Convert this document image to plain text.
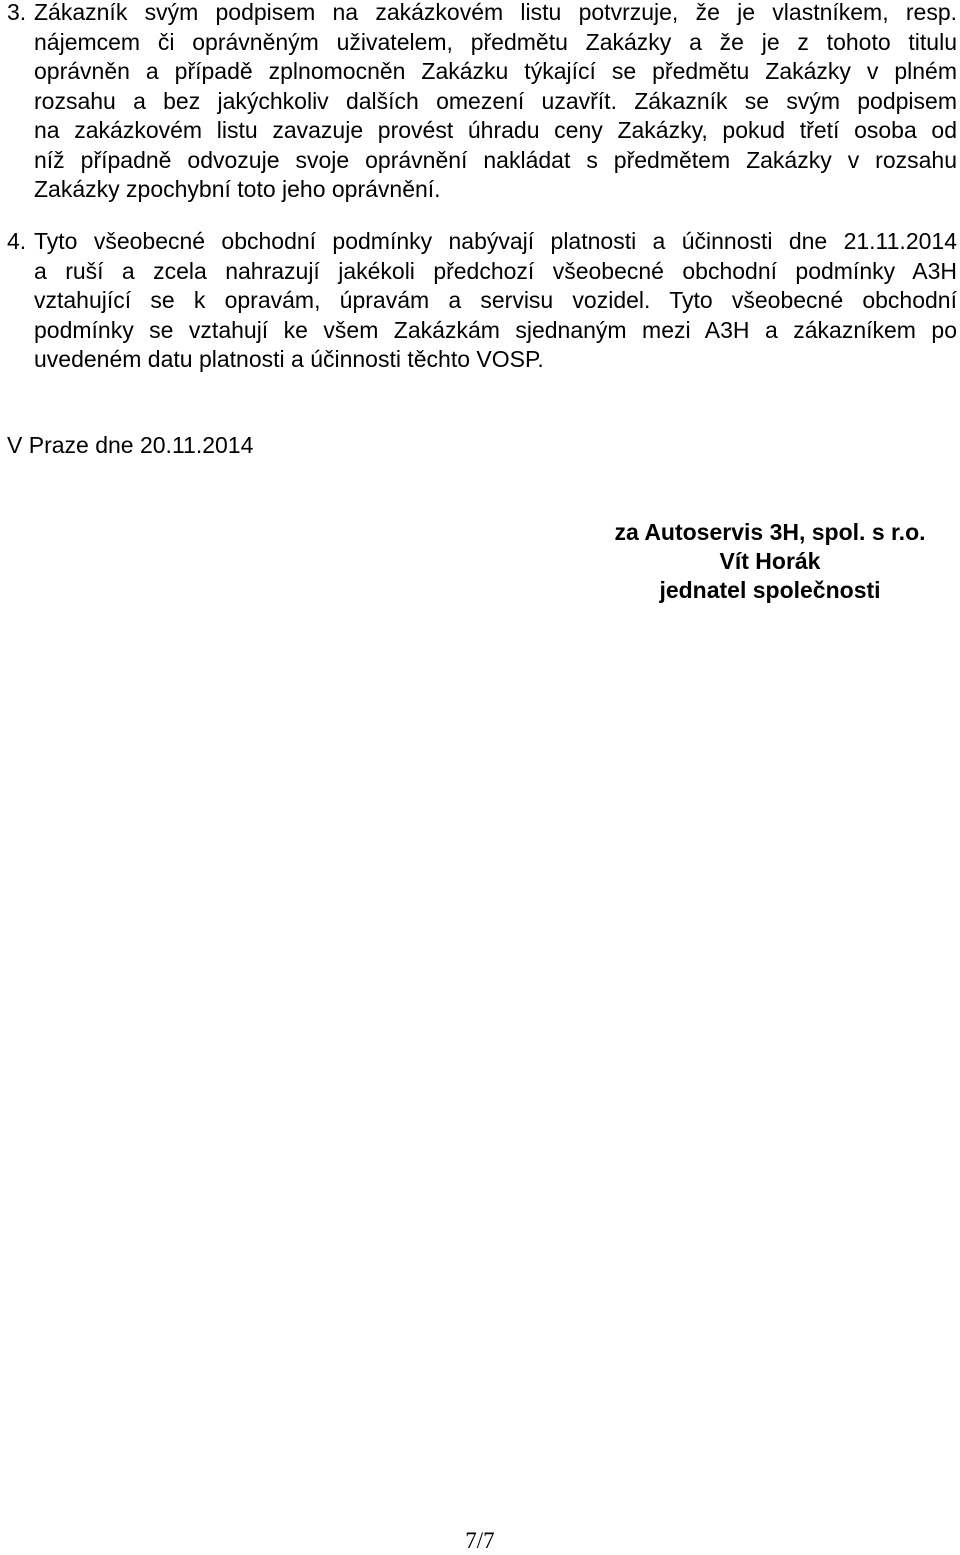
3. Zákazník svým podpisem na zakázkovém listu potvrzuje, že je vlastníkem, resp.
nájemcem či oprávněným uživatelem, předmětu Zakázky a že je z tohoto titulu
oprávněn a případě zplnomocněn Zakázku týkající se předmětu Zakázky v plném
rozsahu a bez jakýchkoliv dalších omezení uzavřít. Zákazník se svým podpisem
na zakázkovém listu zavazuje provést úhradu ceny Zakázky, pokud třetí osoba od
níž případně odvozuje svoje oprávnění nakládat s předmětem Zakázky v rozsahu
Zakázky zpochybní toto jeho oprávnění.
4. Tyto všeobecné obchodní podmínky nabývají platnosti a účinnosti dne 21.11.2014
a ruší a zcela nahrazují jakékoli předchozí všeobecné obchodní podmínky A3H
vztahující se k opravám, úpravám a servisu vozidel. Tyto všeobecné obchodní
podmínky se vztahují ke všem Zakázkám sjednaným mezi A3H a zákazníkem po
uvedeném datu platnosti a účinnosti těchto VOSP.
V Praze dne 20.11.2014
za Autoservis 3H, spol. s r.o.
Vít Horák
jednatel společnosti
7/7
